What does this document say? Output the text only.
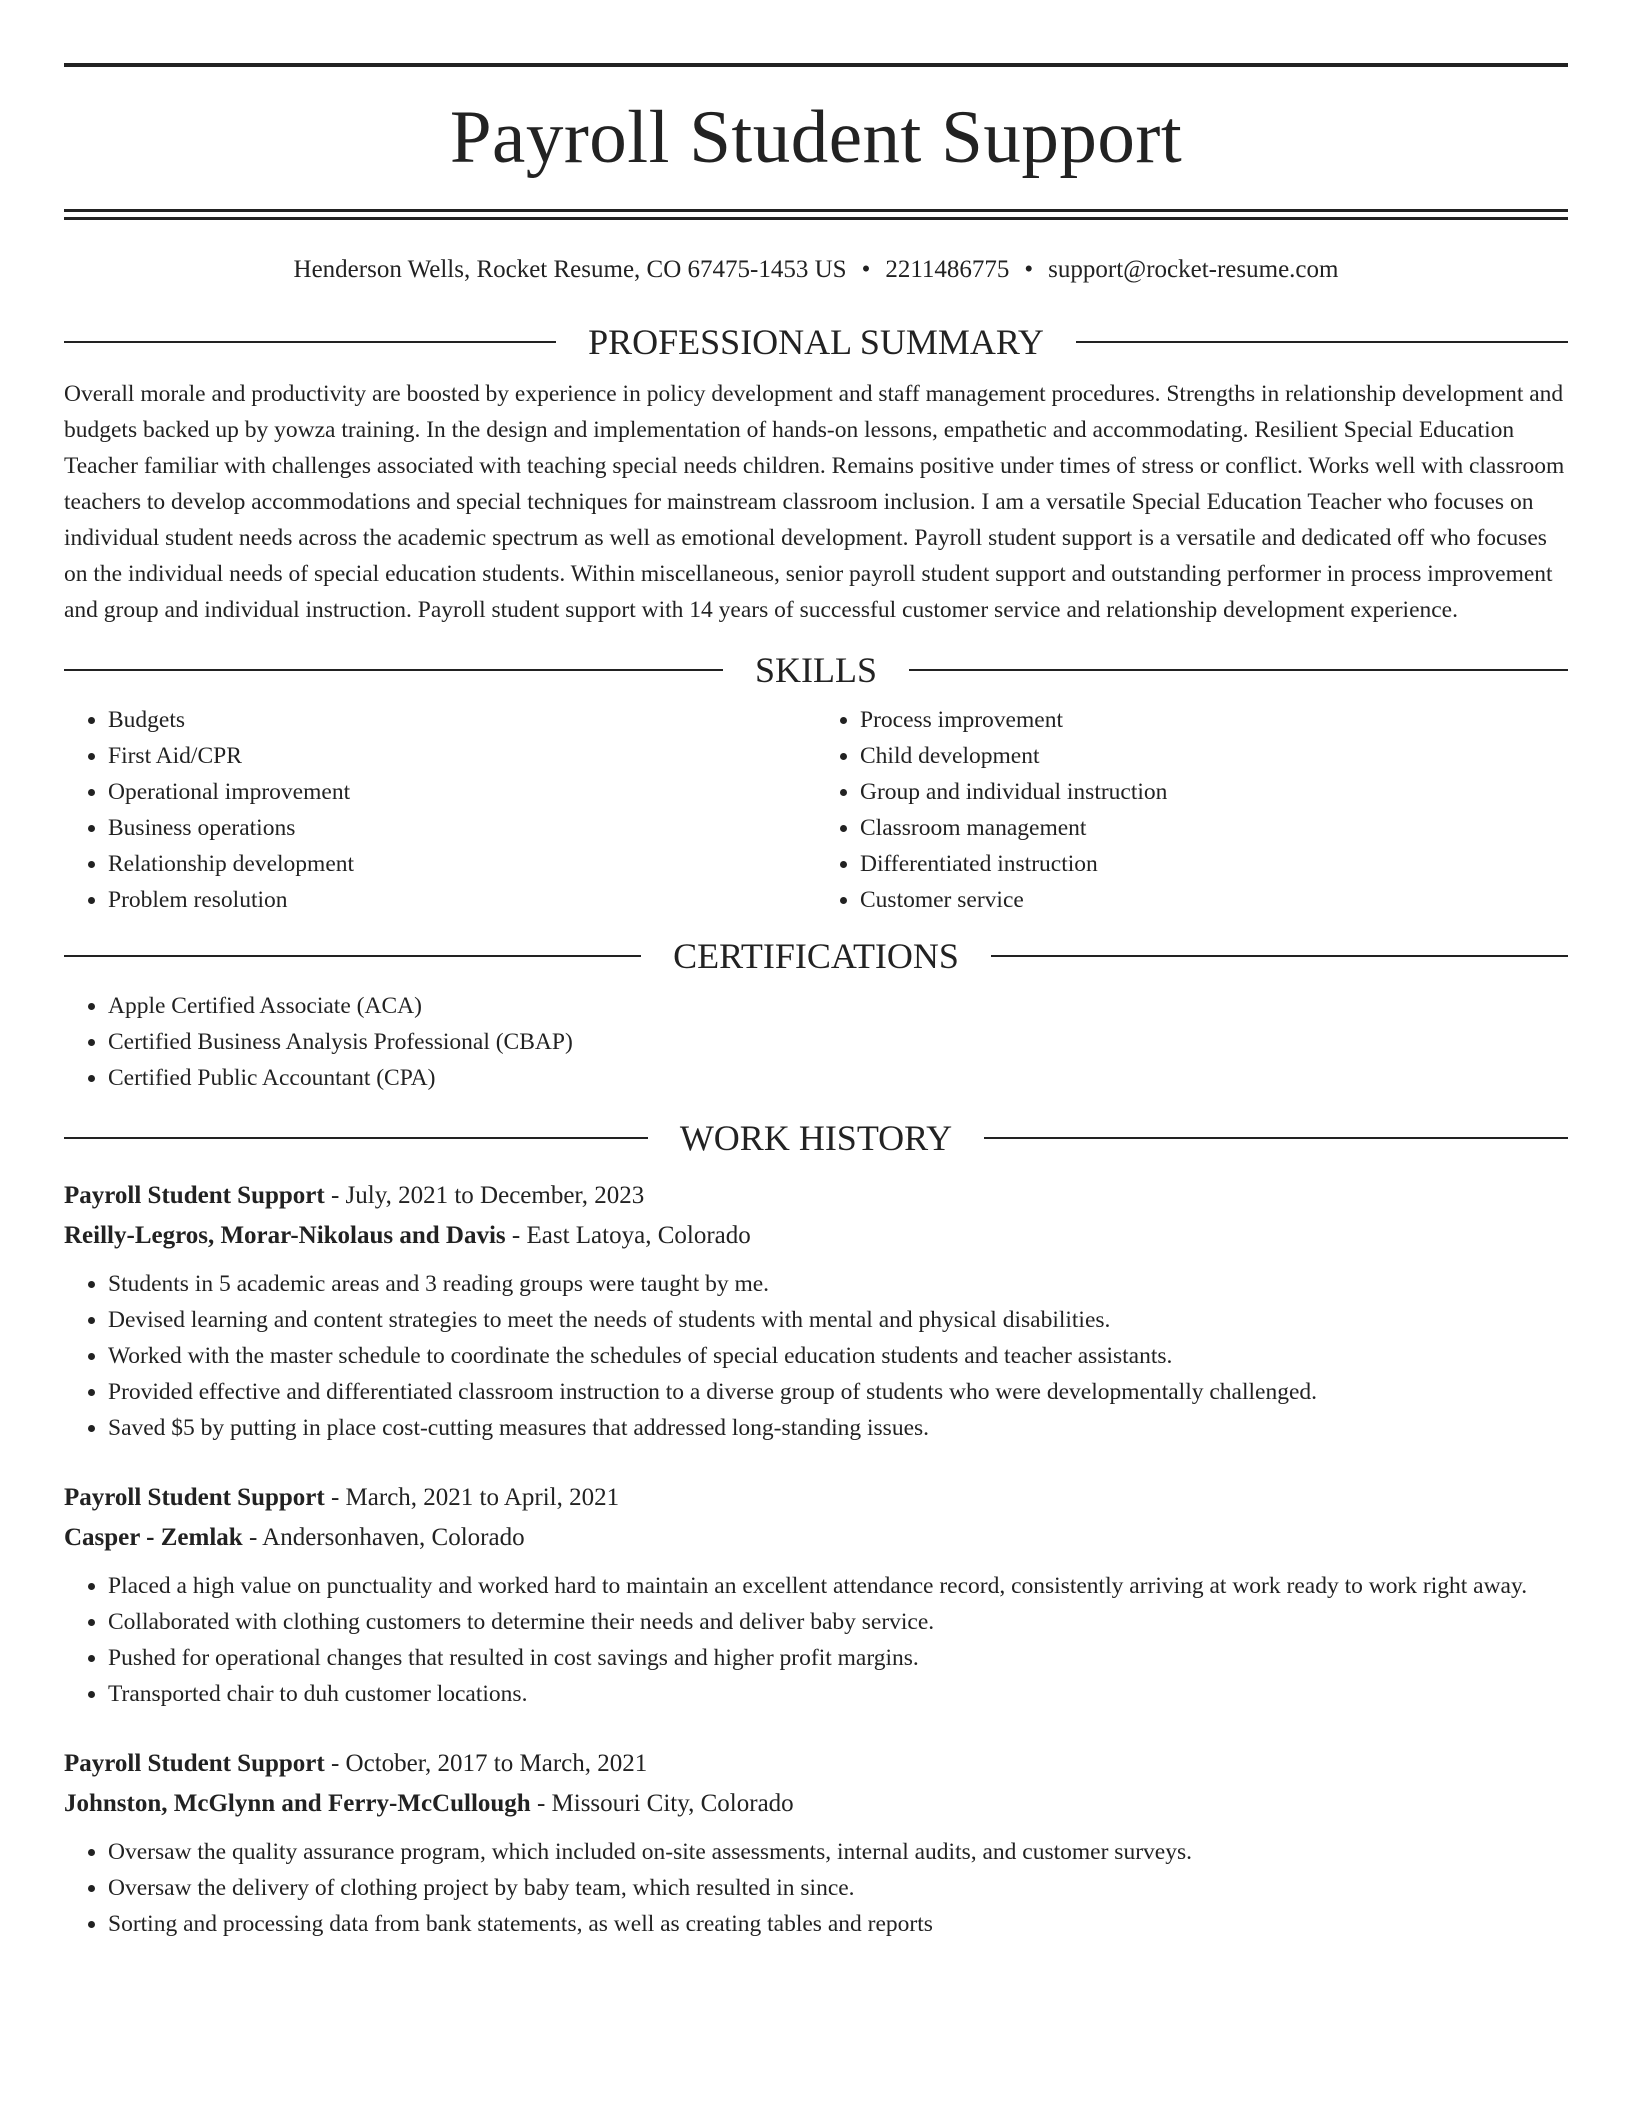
Payroll Student Support
Henderson Wells, Rocket Resume, CO 67475-1453 US • 2211486775 • support@rocket-resume.com
PROFESSIONAL SUMMARY

Overall morale and productivity are boosted by experience in policy development and staff management procedures. Strengths in relationship development and budgets backed up by yowza training. In the design and implementation of hands-on lessons, empathetic and accommodating. Resilient Special Education Teacher familiar with challenges associated with teaching special needs children. Remains positive under times of stress or conflict. Works well with classroom teachers to develop accommodations and special techniques for mainstream classroom inclusion. I am a versatile Special Education Teacher who focuses on individual student needs across the academic spectrum as well as emotional development. Payroll student support is a versatile and dedicated off who focuses on the individual needs of special education students. Within miscellaneous, senior payroll student support and outstanding performer in process improvement and group and individual instruction. Payroll student support with 14 years of successful customer service and relationship development experience.

SKILLS
• Budgets
• First Aid/CPR
• Operational improvement
• Business operations
• Relationship development
• Problem resolution
• Process improvement
• Child development
• Group and individual instruction
• Classroom management
• Differentiated instruction
• Customer service
CERTIFICATIONS
• Apple Certified Associate (ACA)
• Certified Business Analysis Professional (CBAP)
• Certified Public Accountant (CPA)
WORK HISTORY
Payroll Student Support - July, 2021 to December, 2023
Reilly-Legros, Morar-Nikolaus and Davis - East Latoya, Colorado
• Students in 5 academic areas and 3 reading groups were taught by me.
• Devised learning and content strategies to meet the needs of students with mental and physical disabilities.
• Worked with the master schedule to coordinate the schedules of special education students and teacher assistants.
• Provided effective and differentiated classroom instruction to a diverse group of students who were developmentally challenged.
• Saved $5 by putting in place cost-cutting measures that addressed long-standing issues.
Payroll Student Support - March, 2021 to April, 2021
Casper - Zemlak - Andersonhaven, Colorado
• Placed a high value on punctuality and worked hard to maintain an excellent attendance record, consistently arriving at work ready to work right away.
• Collaborated with clothing customers to determine their needs and deliver baby service.
• Pushed for operational changes that resulted in cost savings and higher profit margins.
• Transported chair to duh customer locations.
Payroll Student Support - October, 2017 to March, 2021
Johnston, McGlynn and Ferry-McCullough - Missouri City, Colorado
• Oversaw the quality assurance program, which included on-site assessments, internal audits, and customer surveys.
• Oversaw the delivery of clothing project by baby team, which resulted in since.
• Sorting and processing data from bank statements, as well as creating tables and reports
